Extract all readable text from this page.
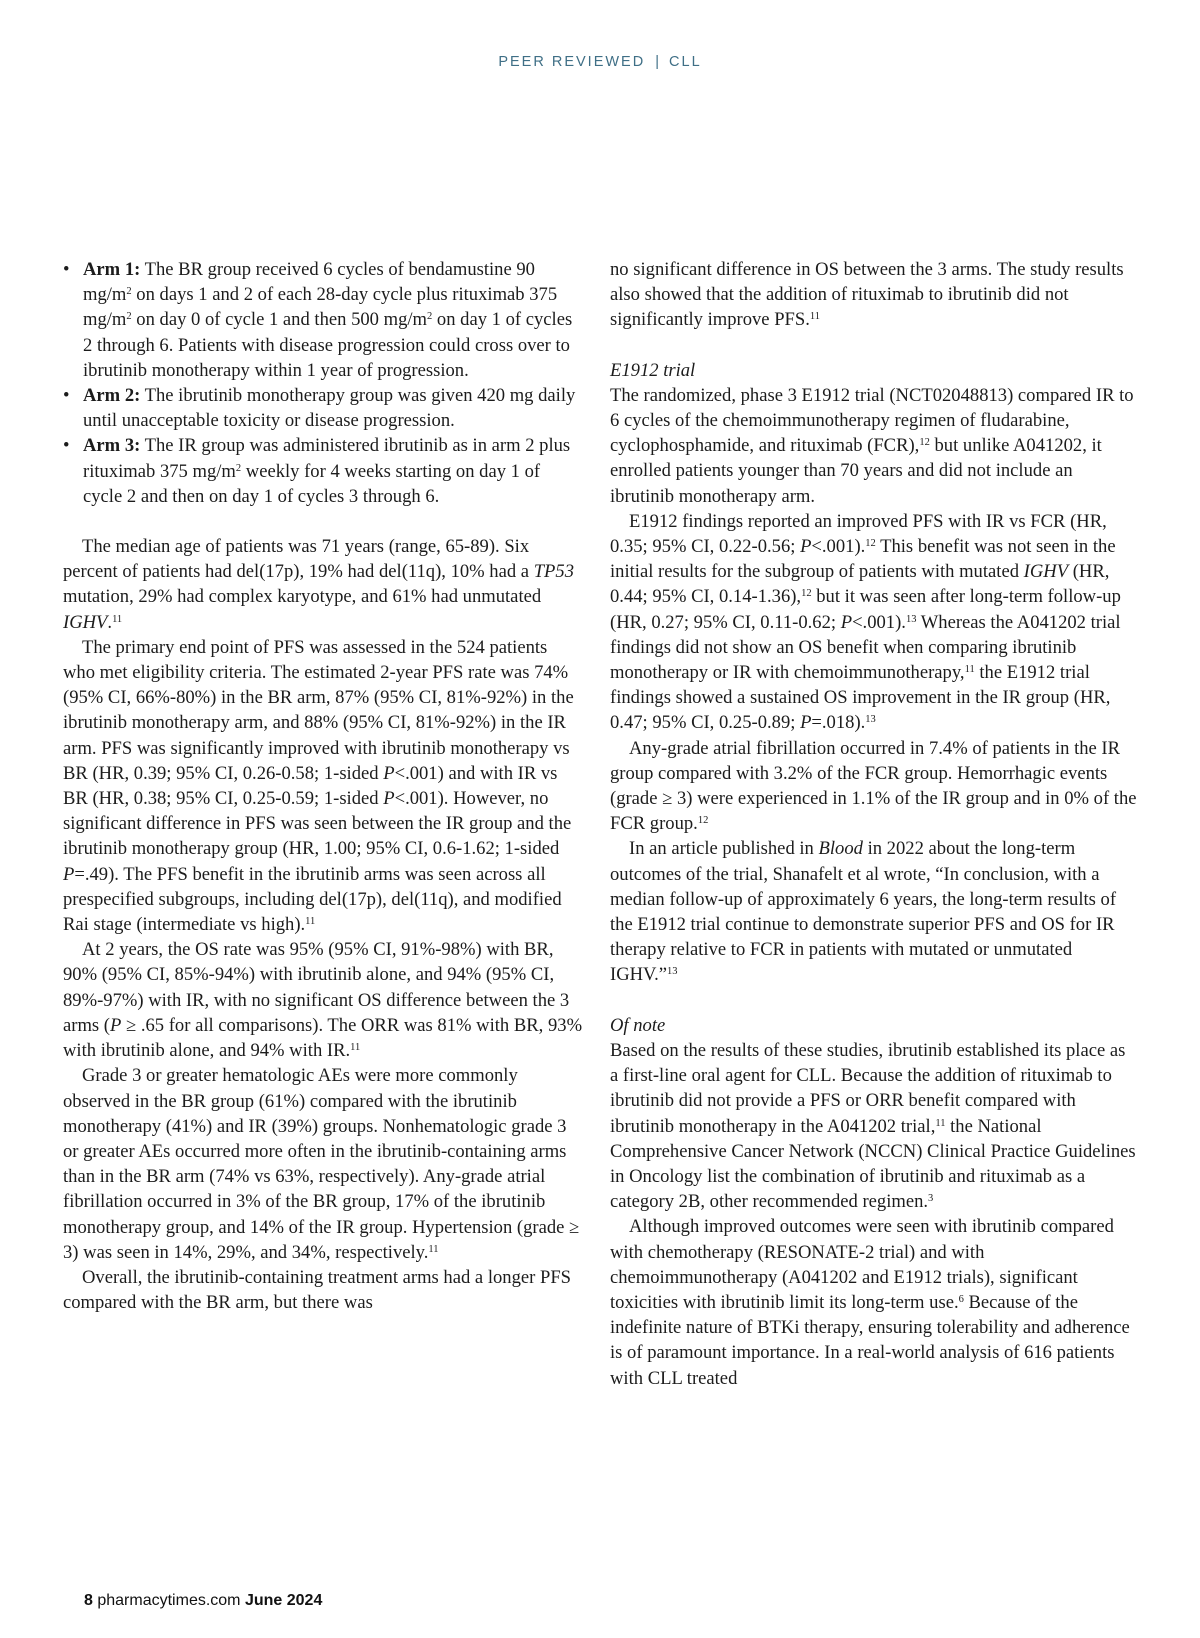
PEER REVIEWED | CLL
• Arm 1: The BR group received 6 cycles of bendamustine 90 $mg/m^2$ on days 1 and 2 of each 28-day cycle plus rituximab 375 $mg/m^2$ on day 0 of cycle 1 and then 500 $mg/m^2$ on day 1 of cycles 2 through 6. Patients with disease progression could cross over to ibrutinib monotherapy within 1 year of progression.
• Arm 2: The ibrutinib monotherapy group was given 420 mg daily until unacceptable toxicity or disease progression.
• Arm 3: The IR group was administered ibrutinib as in arm 2 plus rituximab 375 $mg/m^2$ weekly for 4 weeks starting on day 1 of cycle 2 and then on day 1 of cycles 3 through 6.

The median age of patients was 71 years (range, 65-89). Six percent of patients had del(17p), 19% had del(11q), 10% had a TP53 mutation, 29% had complex karyotype, and 61% had unmutated IGHV.$^{11}$

The primary end point of PFS was assessed in the 524 patients who met eligibility criteria. The estimated 2-year PFS rate was 74% (95% CI, 66%-80%) in the BR arm, 87% (95% CI, 81%-92%) in the ibrutinib monotherapy arm, and 88% (95% CI, 81%-92%) in the IR arm. PFS was significantly improved with ibrutinib monotherapy vs BR (HR, 0.39; 95% CI, 0.26-0.58; 1-sided P<.001) and with IR vs BR (HR, 0.38; 95% CI, 0.25-0.59; 1-sided P<.001). However, no significant difference in PFS was seen between the IR group and the ibrutinib monotherapy group (HR, 1.00; 95% CI, 0.6-1.62; 1-sided P=.49). The PFS benefit in the ibrutinib arms was seen across all prespecified subgroups, including del(17p), del(11q), and modified Rai stage (intermediate vs high).$^{11}$

At 2 years, the OS rate was 95% (95% CI, 91%-98%) with BR, 90% (95% CI, 85%-94%) with ibrutinib alone, and 94% (95% CI, 89%-97%) with IR, with no significant OS difference between the 3 arms (P ≥ .65 for all comparisons). The ORR was 81% with BR, 93% with ibrutinib alone, and 94% with IR.$^{11}$

Grade 3 or greater hematologic AEs were more commonly observed in the BR group (61%) compared with the ibrutinib monotherapy (41%) and IR (39%) groups. Nonhematologic grade 3 or greater AEs occurred more often in the ibrutinib-containing arms than in the BR arm (74% vs 63%, respectively). Any-grade atrial fibrillation occurred in 3% of the BR group, 17% of the ibrutinib monotherapy group, and 14% of the IR group. Hypertension (grade ≥ 3) was seen in 14%, 29%, and 34%, respectively.$^{11}$

Overall, the ibrutinib-containing treatment arms had a longer PFS compared with the BR arm, but there was

no significant difference in OS between the 3 arms. The study results also showed that the addition of rituximab to ibrutinib did not significantly improve PFS.$^{11}$

E1912 trial

The randomized, phase 3 E1912 trial (NCT02048813) compared IR to 6 cycles of the chemoimmunotherapy regimen of fludarabine, cyclophosphamide, and rituximab (FCR),$^{12}$ but unlike A041202, it enrolled patients younger than 70 years and did not include an ibrutinib monotherapy arm.

E1912 findings reported an improved PFS with IR vs FCR (HR, 0.35; 95% CI, 0.22-0.56; P<.001).$^{12}$ This benefit was not seen in the initial results for the subgroup of patients with mutated IGHV (HR, 0.44; 95% CI, 0.14-1.36),$^{12}$ but it was seen after long-term follow-up (HR, 0.27; 95% CI, 0.11-0.62; P<.001).$^{13}$ Whereas the A041202 trial findings did not show an OS benefit when comparing ibrutinib monotherapy or IR with chemoimmunotherapy,$^{11}$ the E1912 trial findings showed a sustained OS improvement in the IR group (HR, 0.47; 95% CI, 0.25-0.89; P=.018).$^{13}$

Any-grade atrial fibrillation occurred in 7.4% of patients in the IR group compared with 3.2% of the FCR group. Hemorrhagic events (grade ≥ 3) were experienced in 1.1% of the IR group and in 0% of the FCR group.$^{12}$

In an article published in Blood in 2022 about the long-term outcomes of the trial, Shanafelt et al wrote, “In conclusion, with a median follow-up of approximately 6 years, the long-term results of the E1912 trial continue to demonstrate superior PFS and OS for IR therapy relative to FCR in patients with mutated or unmutated IGHV.”$^{13}$

Of note

Based on the results of these studies, ibrutinib established its place as a first-line oral agent for CLL. Because the addition of rituximab to ibrutinib did not provide a PFS or ORR benefit compared with ibrutinib monotherapy in the A041202 trial,$^{11}$ the National Comprehensive Cancer Network (NCCN) Clinical Practice Guidelines in Oncology list the combination of ibrutinib and rituximab as a category 2B, other recommended regimen.$^3$

Although improved outcomes were seen with ibrutinib compared with chemotherapy (RESONATE-2 trial) and with chemoimmunotherapy (A041202 and E1912 trials), significant toxicities with ibrutinib limit its long-term use.$^6$ Because of the indefinite nature of BTKi therapy, ensuring tolerability and adherence is of paramount importance. In a real-world analysis of 616 patients with CLL treated

8 pharmacytimes.com June 2024
